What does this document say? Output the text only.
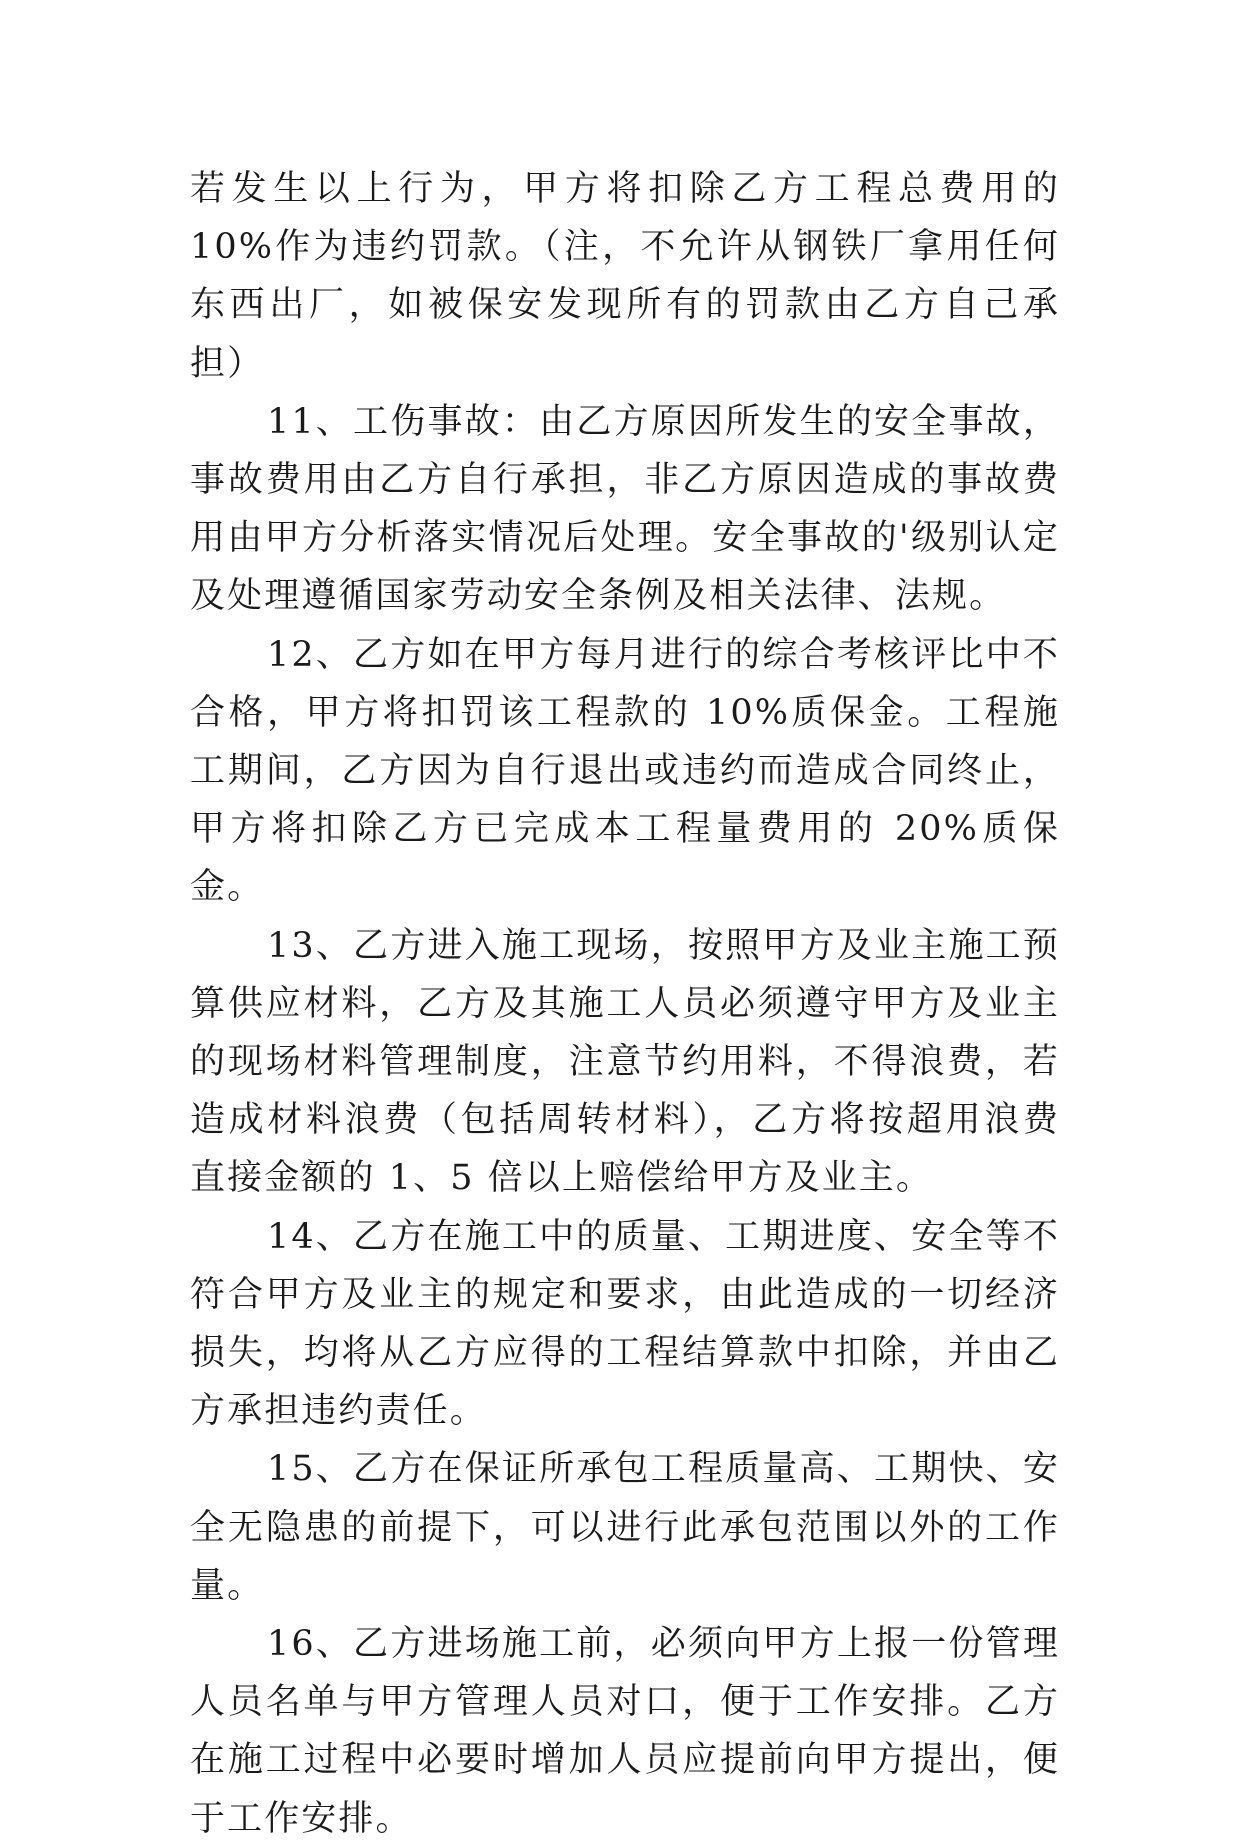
若发生以上行为，甲方将扣除乙方工程总费用的 10%作为违约罚款。（注，不允许从钢铁厂拿用任何东西出厂，如被保安发现所有的罚款由乙方自己承担）

11、工伤事故：由乙方原因所发生的安全事故，事故费用由乙方自行承担，非乙方原因造成的事故费用由甲方分析落实情况后处理。安全事故的'级别认定及处理遵循国家劳动安全条例及相关法律、法规。

12、乙方如在甲方每月进行的综合考核评比中不合格，甲方将扣罚该工程款的 10%质保金。工程施工期间，乙方因为自行退出或违约而造成合同终止，甲方将扣除乙方已完成本工程量费用的 20%质保金。

13、乙方进入施工现场，按照甲方及业主施工预算供应材料，乙方及其施工人员必须遵守甲方及业主的现场材料管理制度，注意节约用料，不得浪费，若造成材料浪费（包括周转材料），乙方将按超用浪费直接金额的 1、5 倍以上赔偿给甲方及业主。

14、乙方在施工中的质量、工期进度、安全等不符合甲方及业主的规定和要求，由此造成的一切经济损失，均将从乙方应得的工程结算款中扣除，并由乙方承担违约责任。

15、乙方在保证所承包工程质量高、工期快、安全无隐患的前提下，可以进行此承包范围以外的工作量。

16、乙方进场施工前，必须向甲方上报一份管理人员名单与甲方管理人员对口，便于工作安排。乙方在施工过程中必要时增加人员应提前向甲方提出，便于工作安排。
